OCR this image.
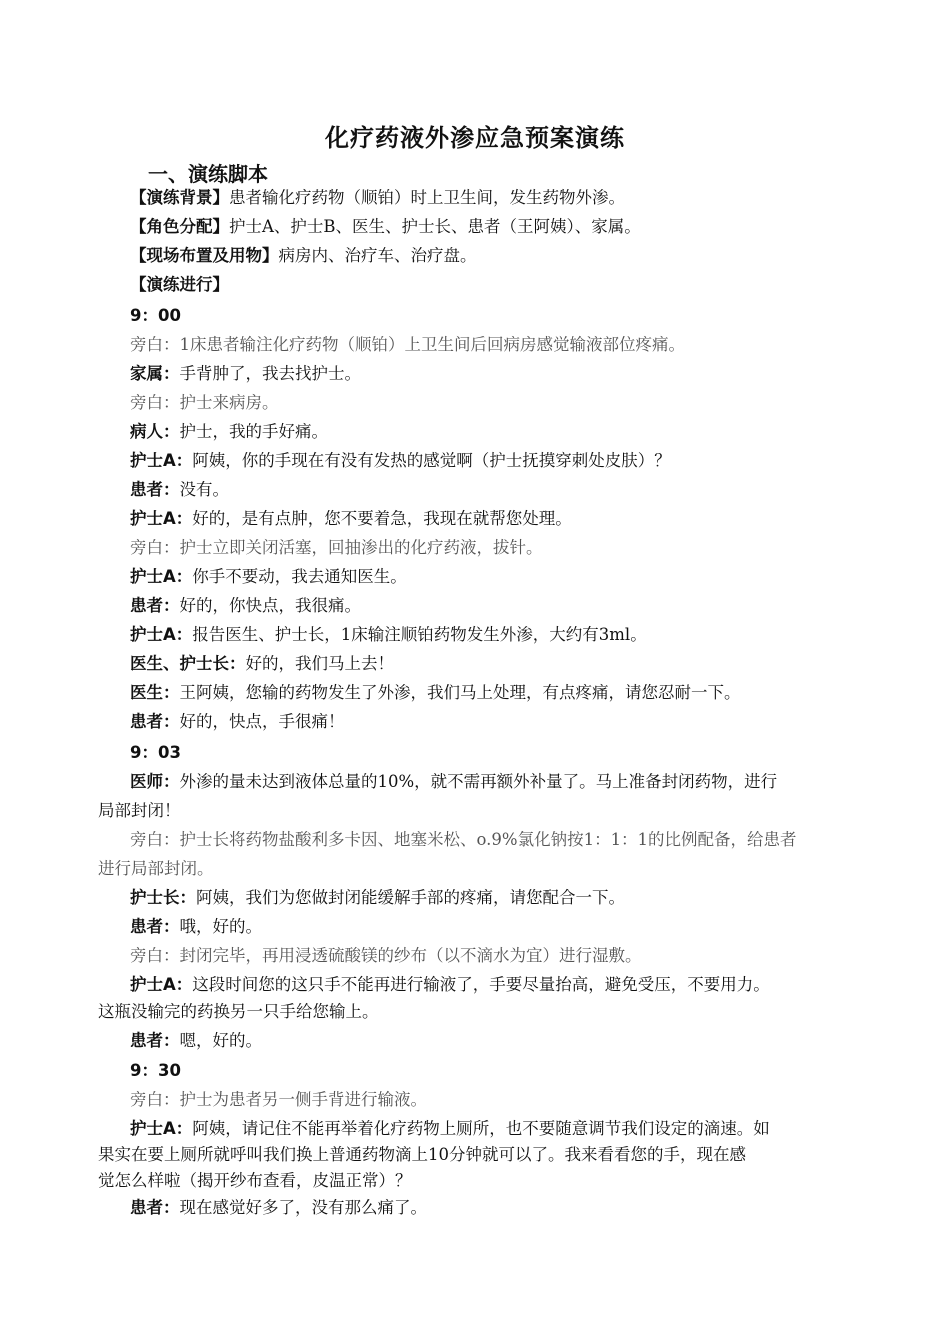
化疗药液外渗应急预案演练
一、演练脚本
【演练背景】患者输化疗药物（顺铂）时上卫生间，发生药物外渗。
【角色分配】护士A、护士B、医生、护士长、患者（王阿姨）、家属。
【现场布置及用物】病房内、治疗车、治疗盘。
【演练进行】
9：00
旁白：1床患者输注化疗药物（顺铂）上卫生间后回病房感觉输液部位疼痛。
家属：手背肿了，我去找护士。
旁白：护士来病房。
病人：护士，我的手好痛。
护士A：阿姨，你的手现在有没有发热的感觉啊（护士抚摸穿刺处皮肤）？
患者：没有。
护士A：好的，是有点肿，您不要着急，我现在就帮您处理。
旁白：护士立即关闭活塞，回抽渗出的化疗药液，拔针。
护士A：你手不要动，我去通知医生。
患者：好的，你快点，我很痛。
护士A：报告医生、护士长，1床输注顺铂药物发生外渗，大约有3ml。
医生、护士长：好的，我们马上去！
医生：王阿姨，您输的药物发生了外渗，我们马上处理，有点疼痛，请您忍耐一下。
患者：好的，快点，手很痛！
9：03
医师：外渗的量未达到液体总量的10%，就不需再额外补量了。马上准备封闭药物，进行
局部封闭！
旁白：护士长将药物盐酸利多卡因、地塞米松、o.9%氯化钠按1：1：1的比例配备，给患者
进行局部封闭。
护士长：阿姨，我们为您做封闭能缓解手部的疼痛，请您配合一下。
患者：哦，好的。
旁白：封闭完毕，再用浸透硫酸镁的纱布（以不滴水为宜）进行湿敷。
护士A：这段时间您的这只手不能再进行输液了，手要尽量抬高，避免受压，不要用力。
这瓶没输完的药换另一只手给您输上。
患者：嗯，好的。
9：30
旁白：护士为患者另一侧手背进行输液。
护士A：阿姨，请记住不能再举着化疗药物上厕所，也不要随意调节我们设定的滴速。如
果实在要上厕所就呼叫我们换上普通药物滴上10分钟就可以了。我来看看您的手，现在感
觉怎么样啦（揭开纱布查看，皮温正常）？
患者：现在感觉好多了，没有那么痛了。
